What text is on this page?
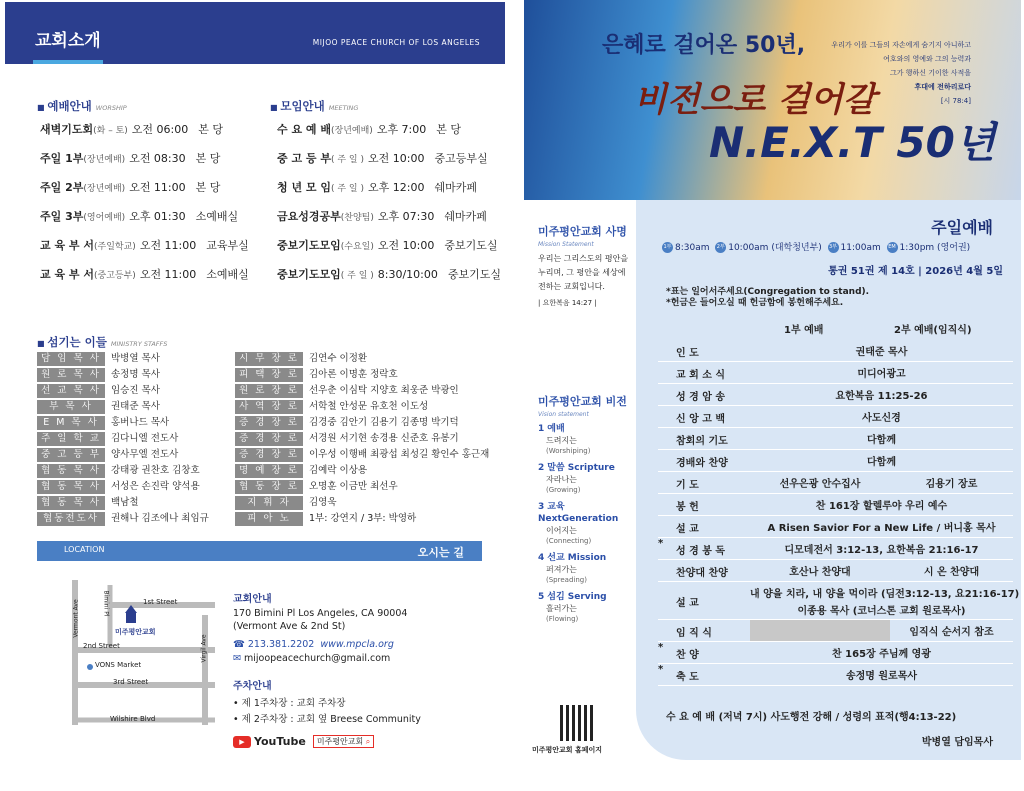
교회소개	MIJOO PEACE CHURCH OF LOS ANGELES
■ 예배안내 WORSHIP
■	모임안내 MEETING
새벽기도회(화 – 토) 오전 06:00 본 당
주일 1부(장년예배) 오전 08:30 본 당
주일 2부(장년예배) 오전 11:00 본 당
주일 3부(영어예배) 오후 01:30 소예배실
교 육 부 서(주일학교) 오전 11:00 교육부실
교 육 부 서(중고등부) 오전 11:00 소예배실
수 요 예 배(장년예배) 오후 7:00 본 당
중 고 등 부( 주 일 ) 오전 10:00 중고등부실
청 년 모 임( 주 일 ) 오후 12:00 쉐마카페
금요성경공부(찬양팀) 오후 07:30 쉐마카페
중보기도모임(수요일) 오전 10:00 중보기도실
중보기도모임( 주 일 ) 8:30/10:00 중보기도실
■ 섬기는 이들 MINISTRY STAFFS
담 임 목 사	박병열 목사	시 무 장 로	김연수 이정환
원 로 목 사	송정명 목사	피 택 장 로	김아론 이명훈 정락호
선 교 목 사	임승진 목사	원 로 장 로	선우춘 이심탁 지양호 최웅준 박광인
부 목 사	권태준 목사	사 역 장 로	서학철 안성문 유호천 이도성
E M 목 사	홍버나드 목사	증 경 장 로	김경중 김안기 김용기 김종명 박기덕
주 일 학 교	김다니엘 전도사	증 경 장 로	서경원 서기현 송경용 신준호 유봉기
중 고 등 부	양사무엘 전도사	증 경 장 로	이우성 이행배 최광섭 최성길 황인수 홍근재
협 동 목 사	강태광 권찬호 김창호	명 예 장 로	김예락 이상용
협 동 목 사	서성은 손진락 양석용	협 동 장 로	오명훈 이금만 최선우
협 동 목 사	백남철	지 휘 자	김영욱
협동전도사	권해나 김조에나 최임규	피 아 노	1부: 강연지 / 3부: 박영하
LOCATION	오시는 길
1st Street
2nd Street
3rd Street
Wilshire Blvd
미주평안교회
VONS Market
Vermont Ave
Virgil Ave
Bimini Pl	교회안내
170 Bimini Pl Los Angeles, CA 90004
(Vermont Ave & 2nd St)
☎ 213.381.2202 www.mpcla.org
✉ mijoopeacechurch@gmail.com
주차안내
• 제 1주차장 : 교회 주차장
• 제 2주차장 : 교회 옆 Breese Community
▶ YouTube 미주평안교회 ⌕
은혜로 걸어온 50년,
비전으로 걸어갈
N.E.X.T 50년
우리가 이를 그들의 자손에게 숨기지 아니하고
여호와의 영예와 그의 능력과
그가 행하신 기이한 사적을
후대에 전하리로다
[시 78:4]
미주평안교회 사명
Mission Statement
우리는 그리스도의 평안을 누리며, 그 평안을 세상에 전하는 교회입니다.
| 요한복음 14:27 |
미주평안교회 비전
Vision statement
1 예배
드려지는
(Worshiping)
2 말씀 Scripture
자라나는
(Growing)
3 교육 NextGeneration
이어지는
(Connecting)
4 선교 Mission
퍼져가는
(Spreading)
5 섬김 Serving
흘러가는
(Flowing)
미주평안교회 홈페이지
주일예배
1부 8:30am 2부 10:00am (대학청년부) 3부 11:00am EM 1:30pm (영어권)
통권 51권 제 14호 | 2026년 4월 5일
*표는 일어서주세요(Congregation to stand).
*헌금은 들어오실 때 헌금함에 봉헌해주세요.
1부 예배	2부 예배(임직식)
인 도	권태준 목사
교 회 소 식	미디어광고
성 경 암 송	요한복음 11:25-26
신 앙 고 백	사도신경
참회의 기도	다함께
경배와 찬양	다함께
기 도	선우은광 안수집사	김용기 장로
봉 헌	찬 161장 할렐루야 우리 예수
설 교	A Risen Savior For a New Life / 버니홍 목사
*
성 경 봉 독	디모데전서 3:12-13, 요한복음 21:16-17
찬양대 찬양	호산나 찬양대	시 온 찬양대
설 교
내 양을 치라, 내 양을 먹이라 (딤전3:12-13, 요21:16-17)
이종용 목사 (코너스톤 교회 원로목사)
임 직 식	임직식 순서지 참조
*
찬 양	찬 165장 주님께 영광
*
축 도	송정명 원로목사
수 요 예 배 (저녁 7시) 사도행전 강해 / 성령의 표적(행4:13-22)
박병열 담임목사
